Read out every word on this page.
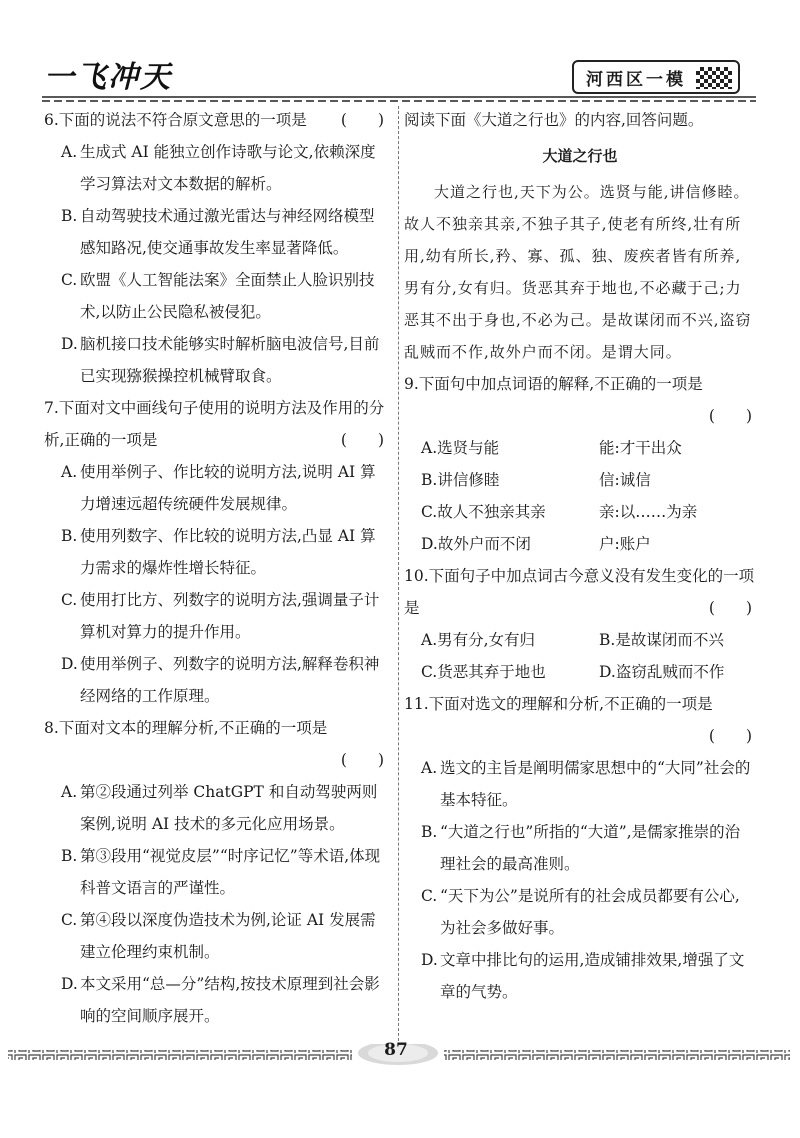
一飞冲天	河西区一模

6.下面的说法不符合原文意思的一项是 (　　)

A. 生成式 AI 能独立创作诗歌与论文,依赖深度学习算法对文本数据的解析。

B. 自动驾驶技术通过激光雷达与神经网络模型感知路况,使交通事故发生率显著降低。

C. 欧盟《人工智能法案》全面禁止人脸识别技术,以防止公民隐私被侵犯。

D. 脑机接口技术能够实时解析脑电波信号,目前已实现猕猴操控机械臂取食。

7.下面对文中画线句子使用的说明方法及作用的分析,正确的一项是	(　　)

A. 使用举例子、作比较的说明方法,说明 AI 算力增速远超传统硬件发展规律。

B. 使用列数字、作比较的说明方法,凸显 AI 算力需求的爆炸性增长特征。

C. 使用打比方、列数字的说明方法,强调量子计算机对算力的提升作用。

D. 使用举例子、列数字的说明方法,解释卷积神经网络的工作原理。

8.下面对文本的理解分析,不正确的一项是

(　　)

A. 第②段通过列举 ChatGPT 和自动驾驶两则案例,说明 AI 技术的多元化应用场景。

B. 第③段用“视觉皮层”“时序记忆”等术语,体现科普文语言的严谨性。

C. 第④段以深度伪造技术为例,论证 AI 发展需建立伦理约束机制。

D. 本文采用“总—分”结构,按技术原理到社会影响的空间顺序展开。

阅读下面《大道之行也》的内容,回答问题。

大道之行也

大道之行也,天下为公。选贤与能,讲信修睦。故人不独亲其亲,不独子其子,使老有所终,壮有所用,幼有所长,矜、寡、孤、独、废疾者皆有所养,男有分,女有归。货恶其弃于地也,不必藏于己;力恶其不出于身也,不必为己。是故谋闭而不兴,盗窃乱贼而不作,故外户而不闭。是谓大同。

9.下面句中加点词语的解释,不正确的一项是

(　　)

A.选贤与能	能:才干出众
B.讲信修睦	信:诚信
C.故人不独亲其亲	亲:以……为亲
D.故外户而不闭	户:账户

10.下面句子中加点词古今意义没有发生变化的一项是	(　　)

A.男有分,女有归	B.是故谋闭而不兴
C.货恶其弃于地也	D.盗窃乱贼而不作

11.下面对选文的理解和分析,不正确的一项是

(　　)

A. 选文的主旨是阐明儒家思想中的“大同”社会的基本特征。

B. “大道之行也”所指的“大道”,是儒家推崇的治理社会的最高准则。

C. “天下为公”是说所有的社会成员都要有公心,为社会多做好事。

D. 文章中排比句的运用,造成铺排效果,增强了文章的气势。

87
